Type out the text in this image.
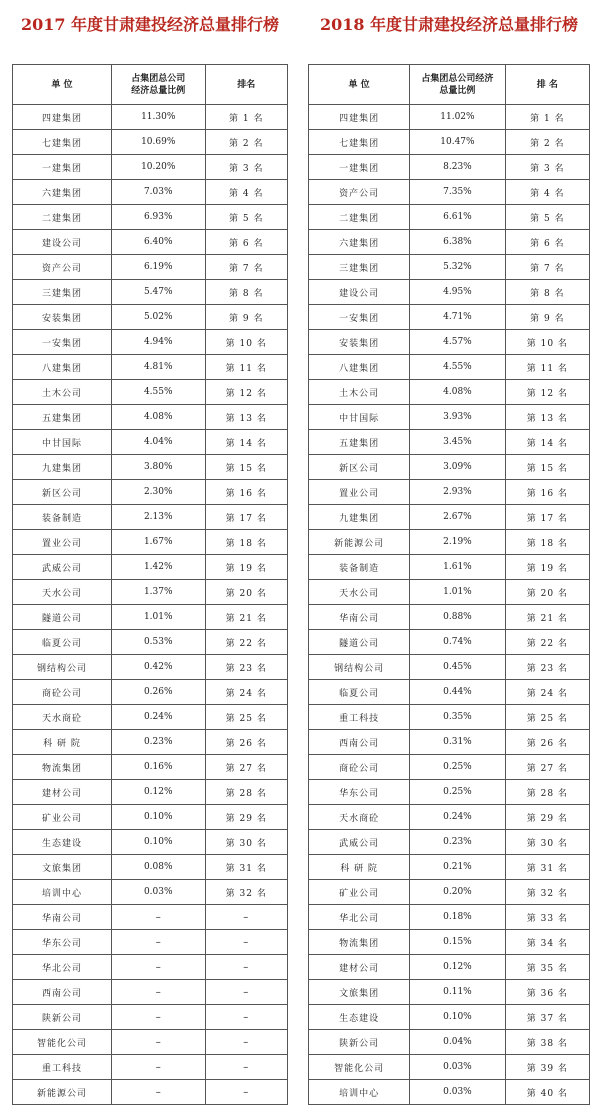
2017 年度甘肃建投经济总量排行榜
单 位	占集团总公司
经济总量比例	排名
四建集团	11.30%	第 1 名
七建集团	10.69%	第 2 名
一建集团	10.20%	第 3 名
六建集团	7.03%	第 4 名
二建集团	6.93%	第 5 名
建设公司	6.40%	第 6 名
资产公司	6.19%	第 7 名
三建集团	5.47%	第 8 名
安装集团	5.02%	第 9 名
一安集团	4.94%	第 10 名
八建集团	4.81%	第 11 名
土木公司	4.55%	第 12 名
五建集团	4.08%	第 13 名
中甘国际	4.04%	第 14 名
九建集团	3.80%	第 15 名
新区公司	2.30%	第 16 名
装备制造	2.13%	第 17 名
置业公司	1.67%	第 18 名
武威公司	1.42%	第 19 名
天水公司	1.37%	第 20 名
隧道公司	1.01%	第 21 名
临夏公司	0.53%	第 22 名
钢结构公司	0.42%	第 23 名
商砼公司	0.26%	第 24 名
天水商砼	0.24%	第 25 名
科 研 院	0.23%	第 26 名
物流集团	0.16%	第 27 名
建材公司	0.12%	第 28 名
矿业公司	0.10%	第 29 名
生态建设	0.10%	第 30 名
文旅集团	0.08%	第 31 名
培训中心	0.03%	第 32 名
华南公司	–	–
华东公司	–	–
华北公司	–	–
西南公司	–	–
陕新公司	–	–
智能化公司	–	–
重工科技	–	–
新能源公司	–	–
2018 年度甘肃建投经济总量排行榜
单 位	占集团总公司经济
总量比例	排 名
四建集团	11.02%	第 1 名
七建集团	10.47%	第 2 名
一建集团	8.23%	第 3 名
资产公司	7.35%	第 4 名
二建集团	6.61%	第 5 名
六建集团	6.38%	第 6 名
三建集团	5.32%	第 7 名
建设公司	4.95%	第 8 名
一安集团	4.71%	第 9 名
安装集团	4.57%	第 10 名
八建集团	4.55%	第 11 名
土木公司	4.08%	第 12 名
中甘国际	3.93%	第 13 名
五建集团	3.45%	第 14 名
新区公司	3.09%	第 15 名
置业公司	2.93%	第 16 名
九建集团	2.67%	第 17 名
新能源公司	2.19%	第 18 名
装备制造	1.61%	第 19 名
天水公司	1.01%	第 20 名
华南公司	0.88%	第 21 名
隧道公司	0.74%	第 22 名
钢结构公司	0.45%	第 23 名
临夏公司	0.44%	第 24 名
重工科技	0.35%	第 25 名
西南公司	0.31%	第 26 名
商砼公司	0.25%	第 27 名
华东公司	0.25%	第 28 名
天水商砼	0.24%	第 29 名
武威公司	0.23%	第 30 名
科 研 院	0.21%	第 31 名
矿业公司	0.20%	第 32 名
华北公司	0.18%	第 33 名
物流集团	0.15%	第 34 名
建材公司	0.12%	第 35 名
文旅集团	0.11%	第 36 名
生态建设	0.10%	第 37 名
陕新公司	0.04%	第 38 名
智能化公司	0.03%	第 39 名
培训中心	0.03%	第 40 名
